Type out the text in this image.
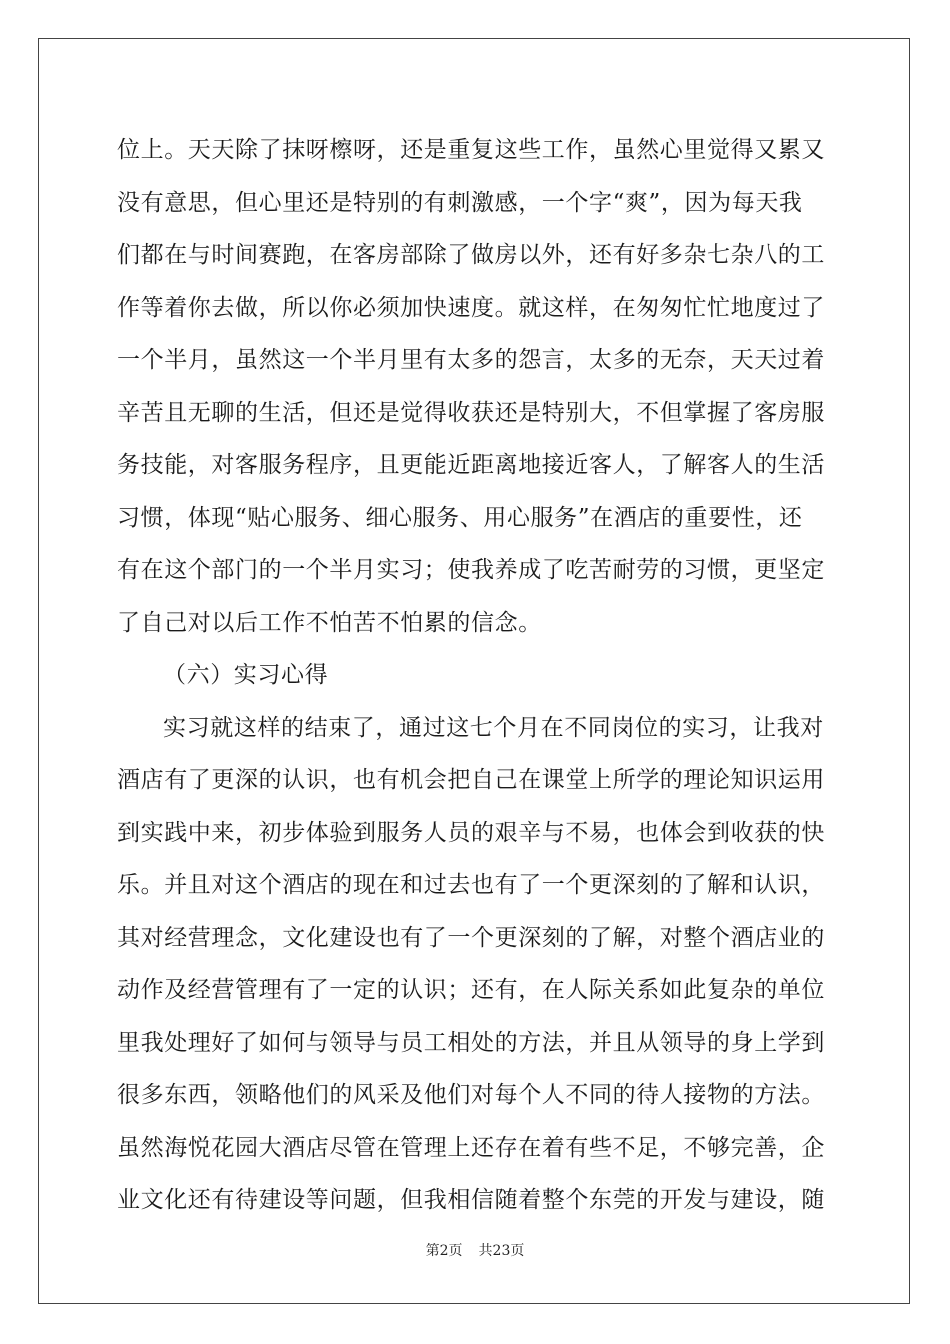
位上。天天除了抹呀檫呀，还是重复这些工作，虽然心里觉得又累又
没有意思，但心里还是特别的有刺激感，一个字“爽”，因为每天我
们都在与时间赛跑，在客房部除了做房以外，还有好多杂七杂八的工
作等着你去做，所以你必须加快速度。就这样，在匆匆忙忙地度过了
一个半月，虽然这一个半月里有太多的怨言，太多的无奈，天天过着
辛苦且无聊的生活，但还是觉得收获还是特别大，不但掌握了客房服
务技能，对客服务程序，且更能近距离地接近客人，了解客人的生活
习惯，体现“贴心服务、细心服务、用心服务”在酒店的重要性，还
有在这个部门的一个半月实习；使我养成了吃苦耐劳的习惯，更坚定
了自己对以后工作不怕苦不怕累的信念。
（六）实习心得
实习就这样的结束了，通过这七个月在不同岗位的实习，让我对
酒店有了更深的认识，也有机会把自己在课堂上所学的理论知识运用
到实践中来，初步体验到服务人员的艰辛与不易，也体会到收获的快
乐。并且对这个酒店的现在和过去也有了一个更深刻的了解和认识，
其对经营理念，文化建设也有了一个更深刻的了解，对整个酒店业的
动作及经营管理有了一定的认识；还有，在人际关系如此复杂的单位
里我处理好了如何与领导与员工相处的方法，并且从领导的身上学到
很多东西，领略他们的风采及他们对每个人不同的待人接物的方法。
虽然海悦花园大酒店尽管在管理上还存在着有些不足，不够完善，企
业文化还有待建设等问题，但我相信随着整个东莞的开发与建设，随
第2页 共23页
